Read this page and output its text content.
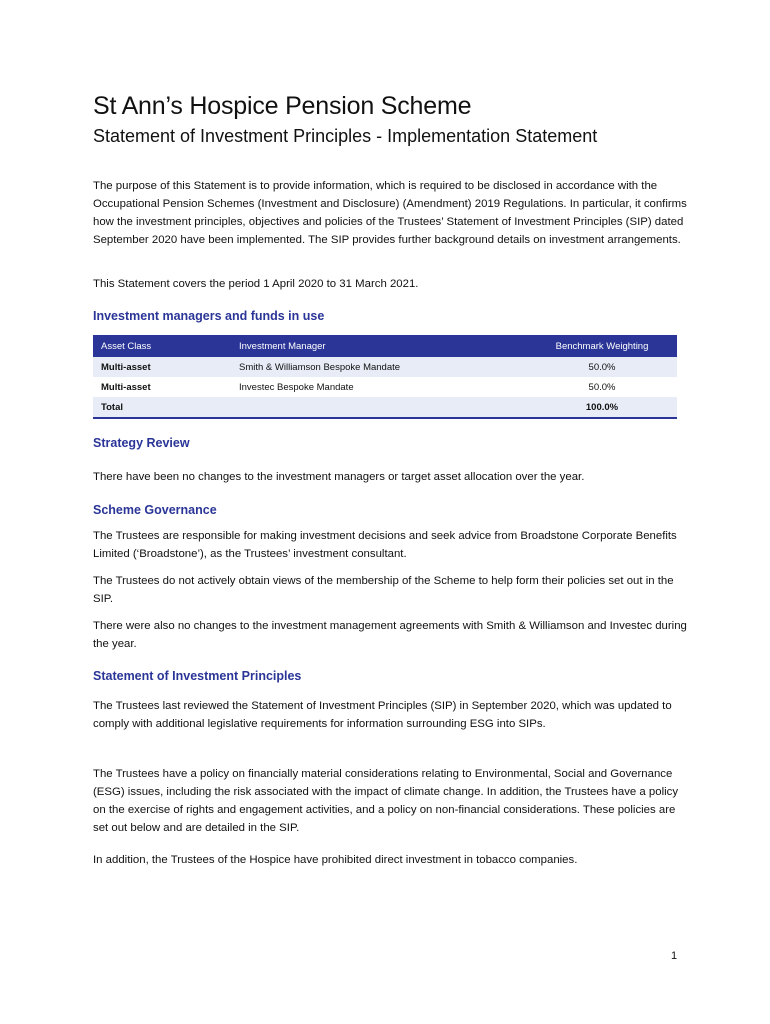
St Ann’s Hospice Pension Scheme
Statement of Investment Principles - Implementation Statement

The purpose of this Statement is to provide information, which is required to be disclosed in accordance with the Occupational Pension Schemes (Investment and Disclosure) (Amendment) 2019 Regulations. In particular, it confirms how the investment principles, objectives and policies of the Trustees’ Statement of Investment Principles (SIP) dated September 2020 have been implemented. The SIP provides further background details on investment arrangements.

This Statement covers the period 1 April 2020 to 31 March 2021.

Investment managers and funds in use
Asset Class	Investment Manager	Benchmark Weighting
Multi-asset	Smith & Williamson Bespoke Mandate	50.0%
Multi-asset	Investec Bespoke Mandate	50.0%
Total		100.0%
Strategy Review

There have been no changes to the investment managers or target asset allocation over the year.

Scheme Governance

The Trustees are responsible for making investment decisions and seek advice from Broadstone Corporate Benefits Limited (‘Broadstone’), as the Trustees’ investment consultant.

The Trustees do not actively obtain views of the membership of the Scheme to help form their policies set out in the SIP.

There were also no changes to the investment management agreements with Smith & Williamson and Investec during the year.

Statement of Investment Principles

The Trustees last reviewed the Statement of Investment Principles (SIP) in September 2020, which was updated to comply with additional legislative requirements for information surrounding ESG into SIPs.

The Trustees have a policy on financially material considerations relating to Environmental, Social and Governance (ESG) issues, including the risk associated with the impact of climate change. In addition, the Trustees have a policy on the exercise of rights and engagement activities, and a policy on non-financial considerations. These policies are set out below and are detailed in the SIP.

In addition, the Trustees of the Hospice have prohibited direct investment in tobacco companies.

1
